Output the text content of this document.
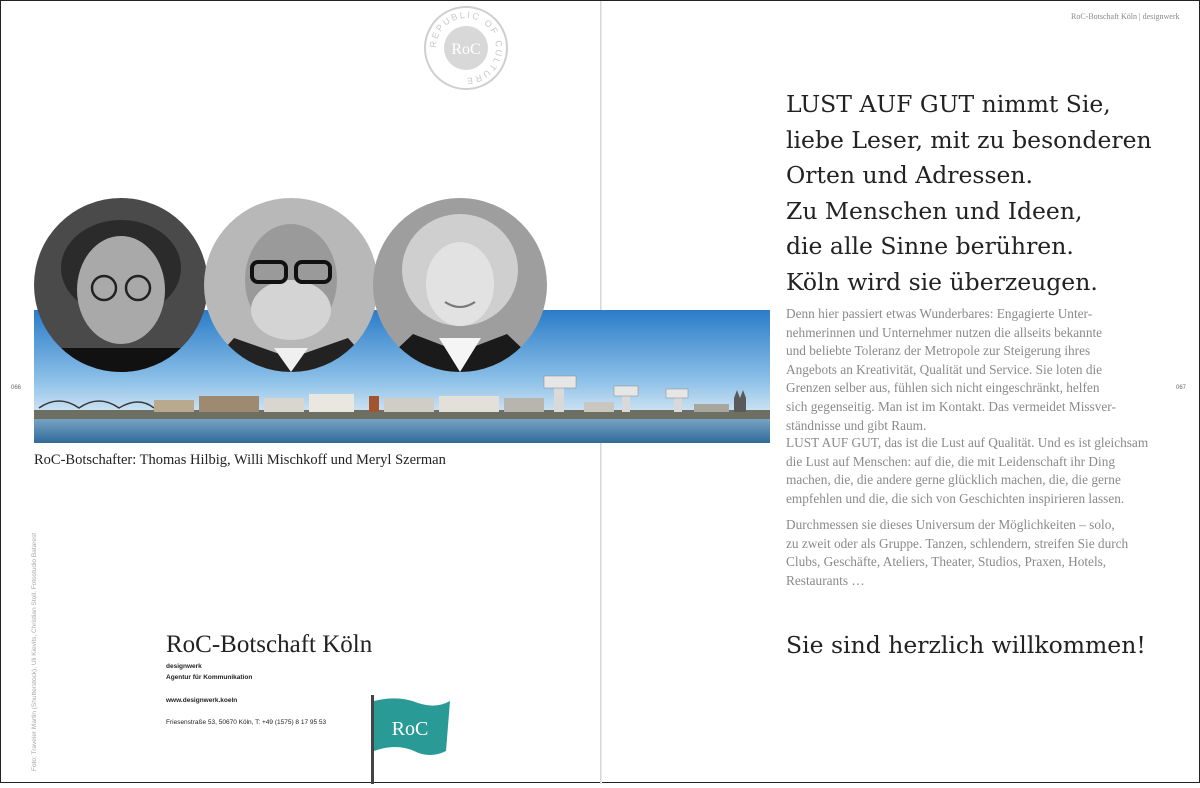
REPUBLIC OF CULTURE
RoC
RoC-Botschafter: Thomas Hilbig, Willi Mischkoff und Meryl Szerman
066	067
Foto: Traveler Martin (Shutterstock), Uli Kievits, Christian Stoll, Fotostudio Batarest	RoC-Botschaft Köln
designwerk
Agentur für Kommunikation
www.designwerk.koeln
Friesenstraße 53, 50670 Köln, T: +49 (1575) 8 17 95 53	RoC
RoC-Botschaft Köln | designwerk
LUST AUF GUT nimmt Sie,
liebe Leser, mit zu besonderen
Orten und Adressen.
Zu Menschen und Ideen,
die alle Sinne berühren.
Köln wird sie überzeugen.
Denn hier passiert etwas Wunderbares: Engagierte Unter-
nehmerinnen und Unternehmer nutzen die allseits bekannte
und beliebte Toleranz der Metropole zur Steigerung ihres
Angebots an Kreativität, Qualität und Service. Sie loten die
Grenzen selber aus, fühlen sich nicht eingeschränkt, helfen
sich gegenseitig. Man ist im Kontakt. Das vermeidet Missver-
ständnisse und gibt Raum.
LUST AUF GUT, das ist die Lust auf Qualität. Und es ist gleichsam
die Lust auf Menschen: auf die, die mit Leidenschaft ihr Ding
machen, die, die andere gerne glücklich machen, die, die gerne
empfehlen und die, die sich von Geschichten inspirieren lassen.
Durchmessen sie dieses Universum der Möglichkeiten – solo,
zu zweit oder als Gruppe. Tanzen, schlendern, streifen Sie durch
Clubs, Geschäfte, Ateliers, Theater, Studios, Praxen, Hotels,
Restaurants …
Sie sind herzlich willkommen!
